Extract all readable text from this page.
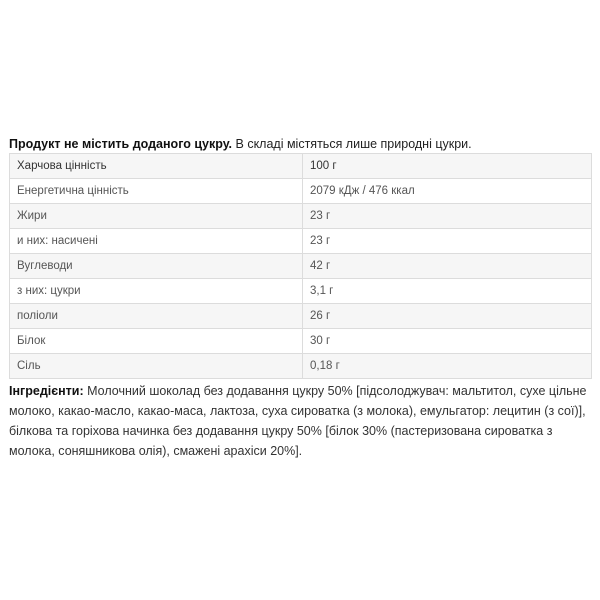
Продукт не містить доданого цукру. В складі містяться лише природні цукри.

Харчова цінність	100 г
Енергетична цінність	2079 кДж / 476 ккал
Жири	23 г
и них: насичені	23 г
Вуглеводи	42 г
з них: цукри	3,1 г
поліоли	26 г
Білок	30 г
Сіль	0,18 г

Інгредієнти: Молочний шоколад без додавання цукру 50% [підсолоджувач: мальтитол, сухе цільне молоко, какао-масло, какао-маса, лактоза, суха сироватка (з молока), емульгатор: лецитин (з сої)], білкова та горіхова начинка без додавання цукру 50% [білок 30% (пастеризована сироватка з молока, соняшникова олія), смажені арахіси 20%].
